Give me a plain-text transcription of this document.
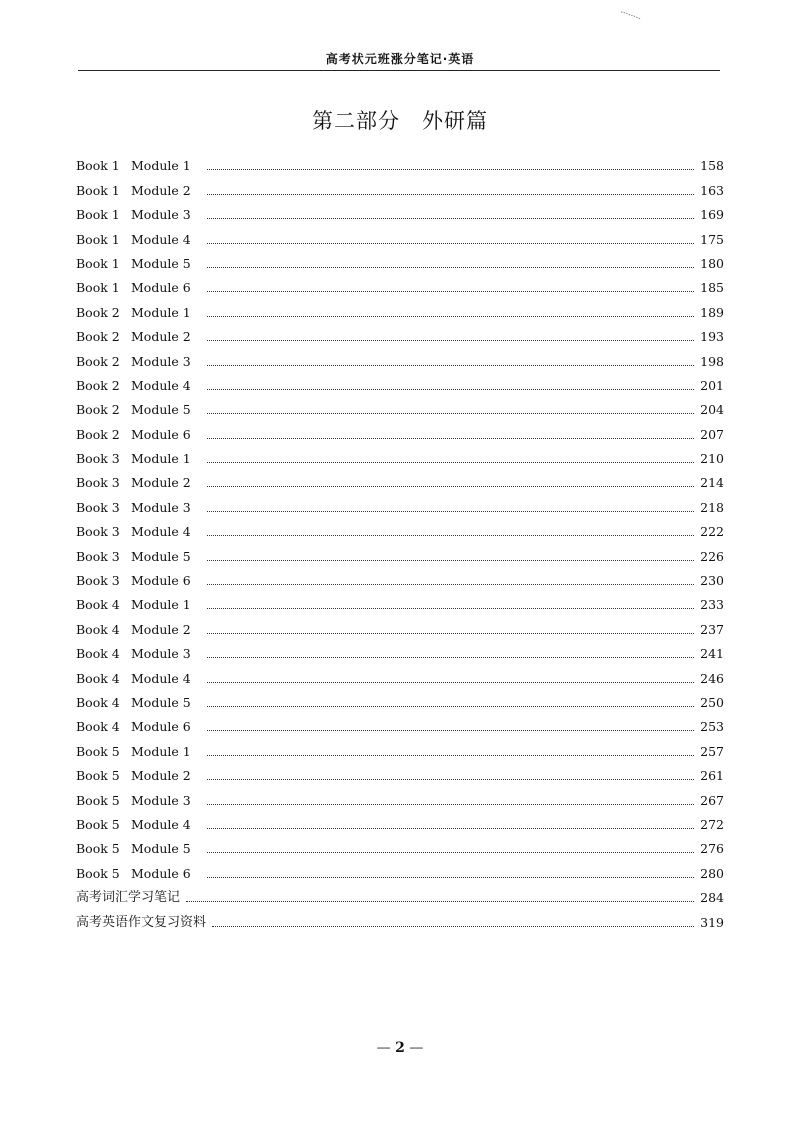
高考状元班涨分笔记·英语
第二部分　外研篇
Book 1 Module 1	158
Book 1 Module 2	163
Book 1 Module 3	169
Book 1 Module 4	175
Book 1 Module 5	180
Book 1 Module 6	185
Book 2 Module 1	189
Book 2 Module 2	193
Book 2 Module 3	198
Book 2 Module 4	201
Book 2 Module 5	204
Book 2 Module 6	207
Book 3 Module 1	210
Book 3 Module 2	214
Book 3 Module 3	218
Book 3 Module 4	222
Book 3 Module 5	226
Book 3 Module 6	230
Book 4 Module 1	233
Book 4 Module 2	237
Book 4 Module 3	241
Book 4 Module 4	246
Book 4 Module 5	250
Book 4 Module 6	253
Book 5 Module 1	257
Book 5 Module 2	261
Book 5 Module 3	267
Book 5 Module 4	272
Book 5 Module 5	276
Book 5 Module 6	280
高考词汇学习笔记	284
高考英语作文复习资料	319
— 2 —
